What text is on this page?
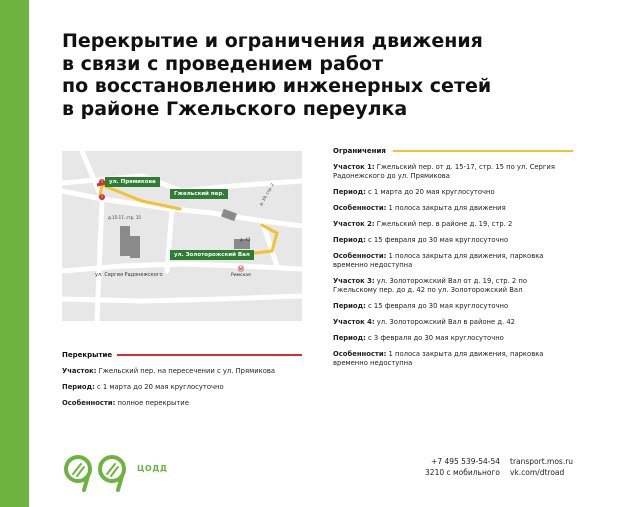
Перекрытие и ограничения движения
в связи с проведением работ
по восстановлению инженерных сетей
в районе Гжельского переулка
!
!
ул. Прямикова
Гжельский пер.
ул. Золоторожский Вал
д.15-17, стр. 15
д. 19, стр. 2
д. 42
ул. Сергия Радонежского
Ⓜ
Римская
Ограничения

Участок 1: Гжельский пер. от д. 15-17, стр. 15 по ул. Сергия Радонежского до ул. Прямикова

Период: с 1 марта до 20 мая круглосуточно

Особенности: 1 полоса закрыта для движения

Участок 2: Гжельский пер. в районе д. 19, стр. 2

Период: с 15 февраля до 30 мая круглосуточно

Особенности: 1 полоса закрыта для движения, парковка временно недоступна

Участок 3: ул. Золоторожский Вал от д. 19, стр. 2 по Гжельскому пер. до д. 42 по ул. Золоторожский Вал

Период: с 15 февраля до 30 мая круглосуточно

Участок 4: ул. Золоторожский Вал в районе д. 42

Период: с 3 февраля до 30 мая круглосуточно

Особенности: 1 полоса закрыта для движения, парковка временно недоступна

Перекрытие

Участок: Гжельский пер. на пересечении с ул. Прямикова

Период: с 1 марта до 20 мая круглосуточно

Особенности: полное перекрытие

ЦОДД
+7 495 539-54-54
3210 с мобильного
transport.mos.ru
vk.com/dtroad
